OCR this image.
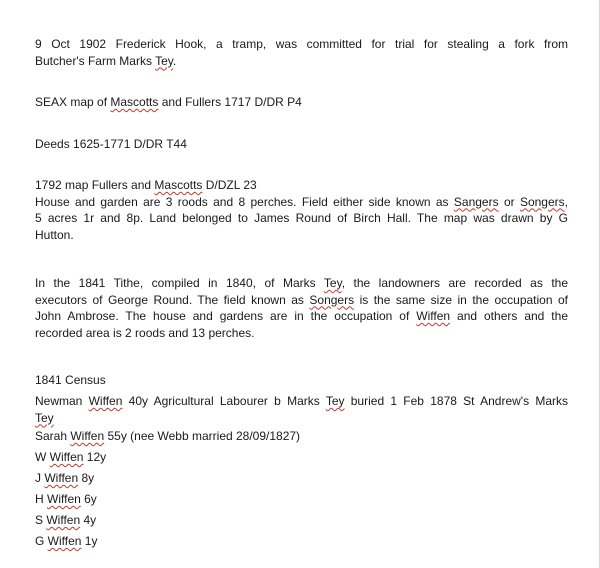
9 Oct 1902 Frederick Hook, a tramp, was committed for trial for stealing a fork from
Butcher's Farm Marks Tey.
SEAX map of Mascotts and Fullers 1717 D/DR P4
Deeds 1625-1771 D/DR T44
1792 map Fullers and Mascotts D/DZL 23
House and garden are 3 roods and 8 perches. Field either side known as Sangers or Songers,
5 acres 1r and 8p. Land belonged to James Round of Birch Hall. The map was drawn by G
Hutton.
In the 1841 Tithe, compiled in 1840, of Marks Tey, the landowners are recorded as the
executors of George Round. The field known as Songers is the same size in the occupation of
John Ambrose. The house and gardens are in the occupation of Wiffen and others and the
recorded area is 2 roods and 13 perches.
1841 Census
Newman Wiffen 40y Agricultural Labourer b Marks Tey buried 1 Feb 1878 St Andrew's Marks
Tey
Sarah Wiffen 55y (nee Webb married 28/09/1827)
W Wiffen 12y
J Wiffen 8y
H Wiffen 6y
S Wiffen 4y
G Wiffen 1y
